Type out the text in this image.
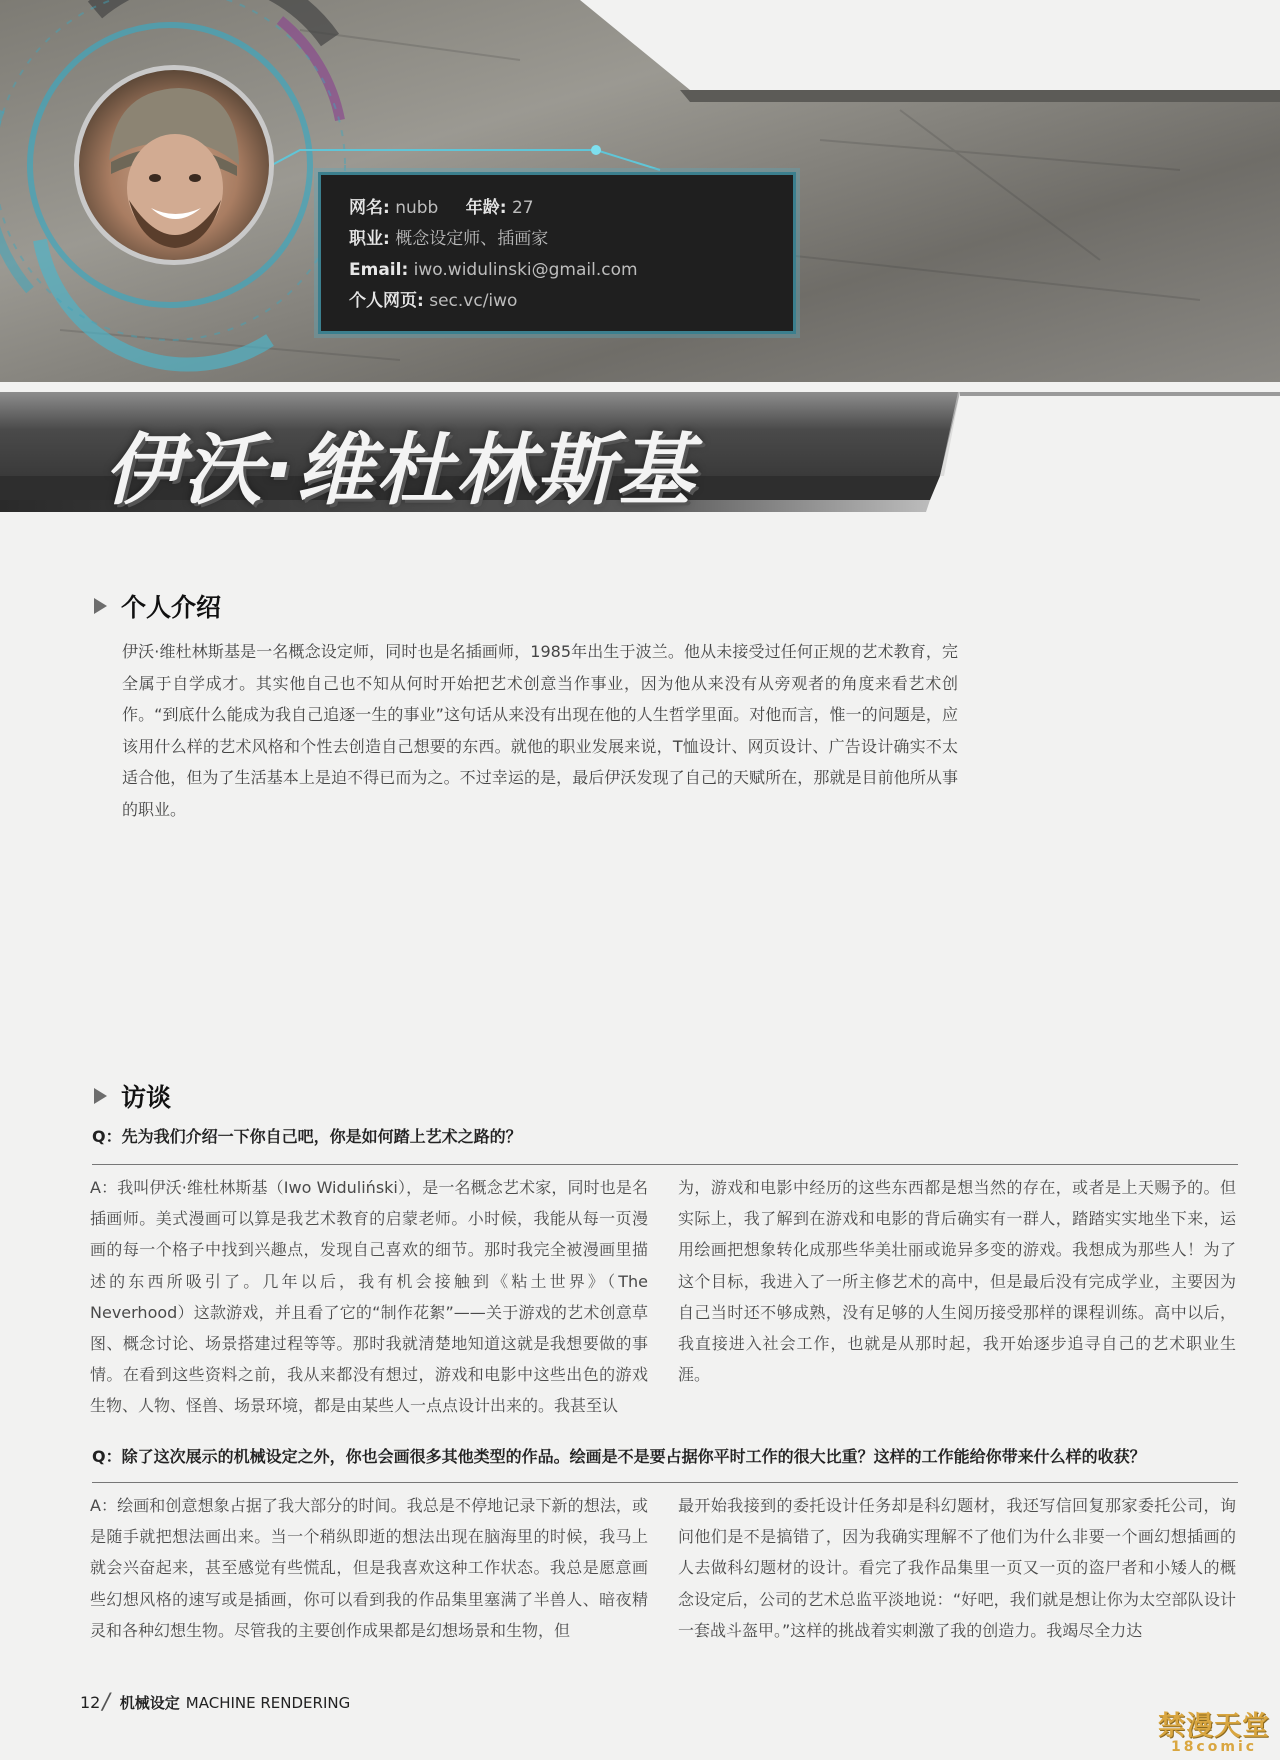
网名: nubb 年龄: 27
职业: 概念设定师、插画家
Email: iwo.widulinski@gmail.com
个人网页: sec.vc/iwo
伊沃·维杜林斯基
个人介绍
伊沃·维杜林斯基是一名概念设定师，同时也是名插画师，1985年出生于波兰。他从未接受过任何正规的艺术教育，完全属于自学成才。其实他自己也不知从何时开始把艺术创意当作事业，因为他从来没有从旁观者的角度来看艺术创作。“到底什么能成为我自己追逐一生的事业”这句话从来没有出现在他的人生哲学里面。对他而言，惟一的问题是，应该用什么样的艺术风格和个性去创造自己想要的东西。就他的职业发展来说，T恤设计、网页设计、广告设计确实不太适合他，但为了生活基本上是迫不得已而为之。不过幸运的是，最后伊沃发现了自己的天赋所在，那就是目前他所从事的职业。
访谈
Q：先为我们介绍一下你自己吧，你是如何踏上艺术之路的？
A：我叫伊沃·维杜林斯基（Iwo Widuliński），是一名概念艺术家，同时也是名插画师。美式漫画可以算是我艺术教育的启蒙老师。小时候，我能从每一页漫画的每一个格子中找到兴趣点，发现自己喜欢的细节。那时我完全被漫画里描述的东西所吸引了。几年以后，我有机会接触到《粘土世界》（The Neverhood）这款游戏，并且看了它的“制作花絮”——关于游戏的艺术创意草图、概念讨论、场景搭建过程等等。那时我就清楚地知道这就是我想要做的事情。在看到这些资料之前，我从来都没有想过，游戏和电影中这些出色的游戏生物、人物、怪兽、场景环境，都是由某些人一点点设计出来的。我甚至认
为，游戏和电影中经历的这些东西都是想当然的存在，或者是上天赐予的。但实际上，我了解到在游戏和电影的背后确实有一群人，踏踏实实地坐下来，运用绘画把想象转化成那些华美壮丽或诡异多变的游戏。我想成为那些人！为了这个目标，我进入了一所主修艺术的高中，但是最后没有完成学业，主要因为自己当时还不够成熟，没有足够的人生阅历接受那样的课程训练。高中以后，我直接进入社会工作，也就是从那时起，我开始逐步追寻自己的艺术职业生涯。
Q：除了这次展示的机械设定之外，你也会画很多其他类型的作品。绘画是不是要占据你平时工作的很大比重？这样的工作能给你带来什么样的收获？
A：绘画和创意想象占据了我大部分的时间。我总是不停地记录下新的想法，或是随手就把想法画出来。当一个稍纵即逝的想法出现在脑海里的时候，我马上就会兴奋起来，甚至感觉有些慌乱，但是我喜欢这种工作状态。我总是愿意画些幻想风格的速写或是插画，你可以看到我的作品集里塞满了半兽人、暗夜精灵和各种幻想生物。尽管我的主要创作成果都是幻想场景和生物，但
最开始我接到的委托设计任务却是科幻题材，我还写信回复那家委托公司，询问他们是不是搞错了，因为我确实理解不了他们为什么非要一个画幻想插画的人去做科幻题材的设计。看完了我作品集里一页又一页的盗尸者和小矮人的概念设定后，公司的艺术总监平淡地说：“好吧，我们就是想让你为太空部队设计一套战斗盔甲。”这样的挑战着实刺激了我的创造力。我竭尽全力达
12 / 机械设定 MACHINE RENDERING
禁漫天堂
18comic
